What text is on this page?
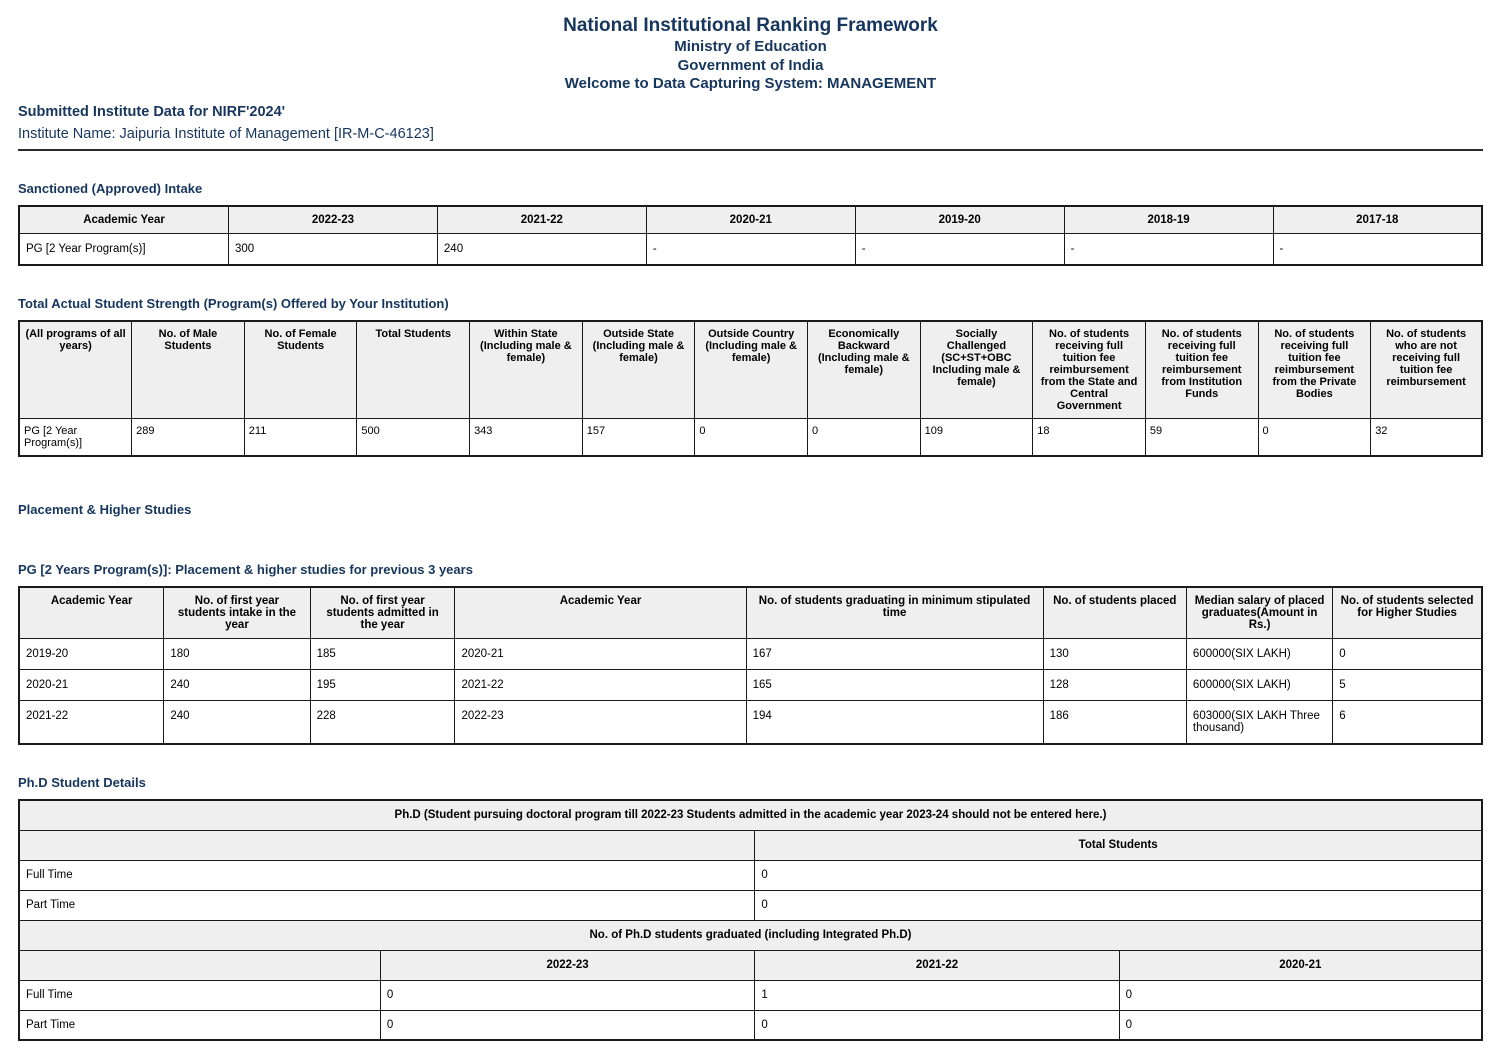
National Institutional Ranking Framework
Ministry of Education
Government of India
Welcome to Data Capturing System: MANAGEMENT
Submitted Institute Data for NIRF'2024'
Institute Name: Jaipuria Institute of Management [IR-M-C-46123]
Sanctioned (Approved) Intake
Academic Year	2022-23	2021-22	2020-21	2019-20	2018-19	2017-18
PG [2 Year Program(s)]	300	240	-	-	-	-
Total Actual Student Strength (Program(s) Offered by Your Institution)
(All programs of all years)	No. of Male Students	No. of Female Students	Total Students	Within State (Including male & female)	Outside State (Including male & female)	Outside Country (Including male & female)	Economically Backward (Including male & female)	Socially Challenged (SC+ST+OBC Including male & female)	No. of students receiving full tuition fee reimbursement from the State and Central Government	No. of students receiving full tuition fee reimbursement from Institution Funds	No. of students receiving full tuition fee reimbursement from the Private Bodies	No. of students who are not receiving full tuition fee reimbursement
PG [2 Year Program(s)]	289	211	500	343	157	0	0	109	18	59	0	32
Placement & Higher Studies
PG [2 Years Program(s)]: Placement & higher studies for previous 3 years
Academic Year	No. of first year students intake in the year	No. of first year students admitted in the year	Academic Year	No. of students graduating in minimum stipulated time	No. of students placed	Median salary of placed graduates(Amount in Rs.)	No. of students selected for Higher Studies
2019-20	180	185	2020-21	167	130	600000(SIX LAKH)	0
2020-21	240	195	2021-22	165	128	600000(SIX LAKH)	5
2021-22	240	228	2022-23	194	186	603000(SIX LAKH Three thousand)	6
Ph.D Student Details
Ph.D (Student pursuing doctoral program till 2022-23 Students admitted in the academic year 2023-24 should not be entered here.)			
		Total Students	
Full Time		0	
Part Time		0	
No. of Ph.D students graduated (including Integrated Ph.D)			
	2022-23	2021-22	2020-21
Full Time	0	1	0
Part Time	0	0	0
